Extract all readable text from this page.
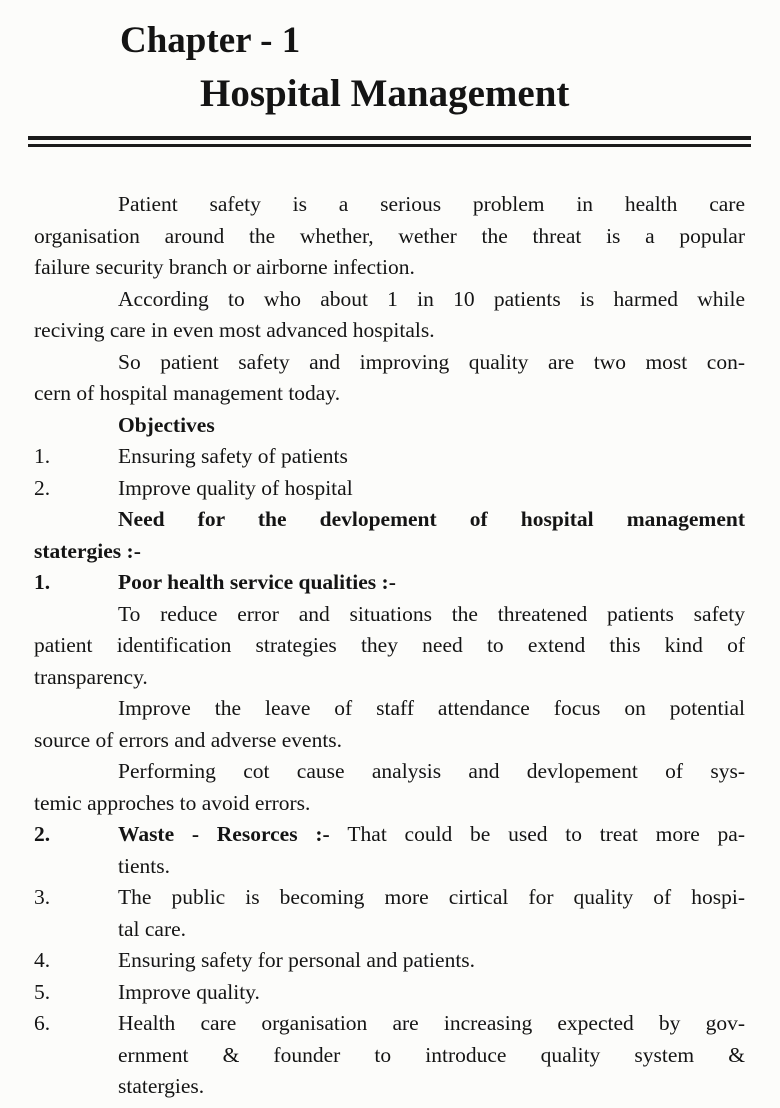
Chapter - 1
Hospital Management
Patient safety is a serious problem in health care
organisation around the whether, wether the threat is a popular
failure security branch or airborne infection.
According to who about 1 in 10 patients is harmed while
reciving care in even most advanced hospitals.
So patient safety and improving quality are two most con-
cern of hospital management today.
Objectives
1.	Ensuring safety of patients
2.	Improve quality of hospital
Need for the devlopement of hospital management
statergies :-
1.	Poor health service qualities :-
To reduce error and situations the threatened patients safety
patient identification strategies they need to extend this kind of
transparency.
Improve the leave of staff attendance focus on potential
source of errors and adverse events.
Performing cot cause analysis and devlopement of sys-
temic approches to avoid errors.
2.	Waste - Resorces :- That could be used to treat more pa-
tients.
3.	The public is becoming more cirtical for quality of hospi-
tal care.
4.	Ensuring safety for personal and patients.
5.	Improve quality.
6.	Health care organisation are increasing expected by gov-
ernment & founder to introduce quality system &
statergies.
